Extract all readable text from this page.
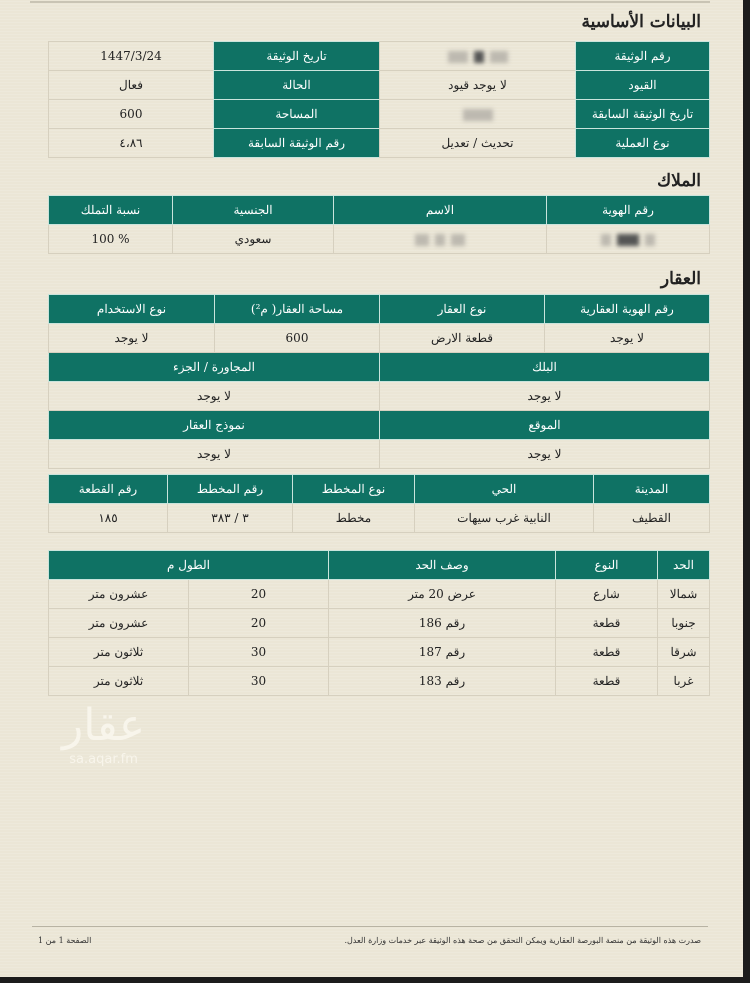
البيانات الأساسية
رقم الوثيقة		تاريخ الوثيقة	1447/3/24
القيود	لا يوجد قيود	الحالة	فعال
تاريخ الوثيقة السابقة		المساحة	600
نوع العملية	تحديث / تعديل	رقم الوثيقة السابقة	٤،٨٦
الملاك
رقم الهوية	الاسم	الجنسية	نسبة التملك
		سعودي	100 %
العقار
رقم الهوية العقارية	نوع العقار	مساحة العقار( م²)	نوع الاستخدام
لا يوجد	قطعة الارض	600	لا يوجد
البلك		المجاورة / الجزء	
لا يوجد		لا يوجد	
الموقع		نموذج العقار	
لا يوجد		لا يوجد	
المدينة	الحي	نوع المخطط	رقم المخطط	رقم القطعة
القطيف	النابية غرب سيهات	مخطط	٣ / ٣٨٣	١٨٥
الحد	النوع	وصف الحد	الطول م	
شمالا	شارع	عرض 20 متر	20	عشرون متر
جنوبا	قطعة	رقم 186	20	عشرون متر
شرقا	قطعة	رقم 187	30	ثلاثون متر
غربا	قطعة	رقم 183	30	ثلاثون متر
عقار
sa.aqar.fm
صدرت هذه الوثيقة من منصة البورصة العقارية ويمكن التحقق من صحة هذه الوثيقة عبر خدمات وزارة العدل.
الصفحة 1 من 1
